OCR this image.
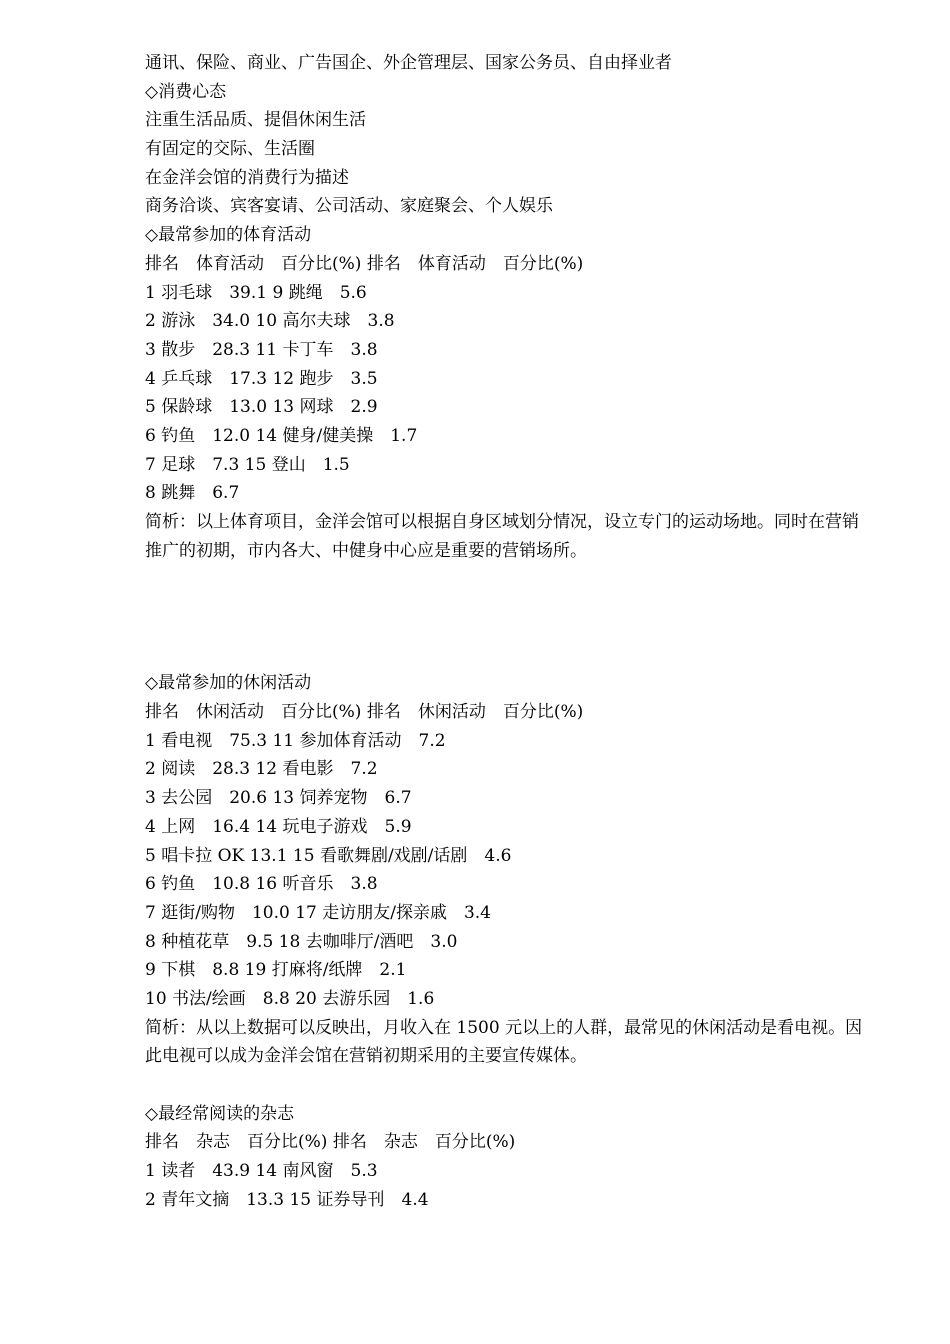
通讯、保险、商业、广告国企、外企管理层、国家公务员、自由择业者

◇消费心态

注重生活品质、提倡休闲生活

有固定的交际、生活圈

在金洋会馆的消费行为描述

商务洽谈、宾客宴请、公司活动、家庭聚会、个人娱乐

◇最常参加的体育活动

排名　体育活动　百分比(%) 排名　体育活动　百分比(%)

1 羽毛球　39.1 9 跳绳　5.6

2 游泳　34.0 10 高尔夫球　3.8

3 散步　28.3 11 卡丁车　3.8

4 乒乓球　17.3 12 跑步　3.5

5 保龄球　13.0 13 网球　2.9

6 钓鱼　12.0 14 健身/健美操　1.7

7 足球　7.3 15 登山　1.5

8 跳舞　6.7

简析：以上体育项目，金洋会馆可以根据自身区域划分情况，设立专门的运动场地。同时在营销推广的初期，市内各大、中健身中心应是重要的营销场所。

◇最常参加的休闲活动

排名　休闲活动　百分比(%) 排名　休闲活动　百分比(%)

1 看电视　75.3 11 参加体育活动　7.2

2 阅读　28.3 12 看电影　7.2

3 去公园　20.6 13 饲养宠物　6.7

4 上网　16.4 14 玩电子游戏　5.9

5 唱卡拉 OK 13.1 15 看歌舞剧/戏剧/话剧　4.6

6 钓鱼　10.8 16 听音乐　3.8

7 逛街/购物　10.0 17 走访朋友/探亲戚　3.4

8 种植花草　9.5 18 去咖啡厅/酒吧　3.0

9 下棋　8.8 19 打麻将/纸牌　2.1

10 书法/绘画　8.8 20 去游乐园　1.6

简析：从以上数据可以反映出，月收入在 1500 元以上的人群，最常见的休闲活动是看电视。因此电视可以成为金洋会馆在营销初期采用的主要宣传媒体。

◇最经常阅读的杂志

排名　杂志　百分比(%) 排名　杂志　百分比(%)

1 读者　43.9 14 南风窗　5.3

2 青年文摘　13.3 15 证券导刊　4.4
